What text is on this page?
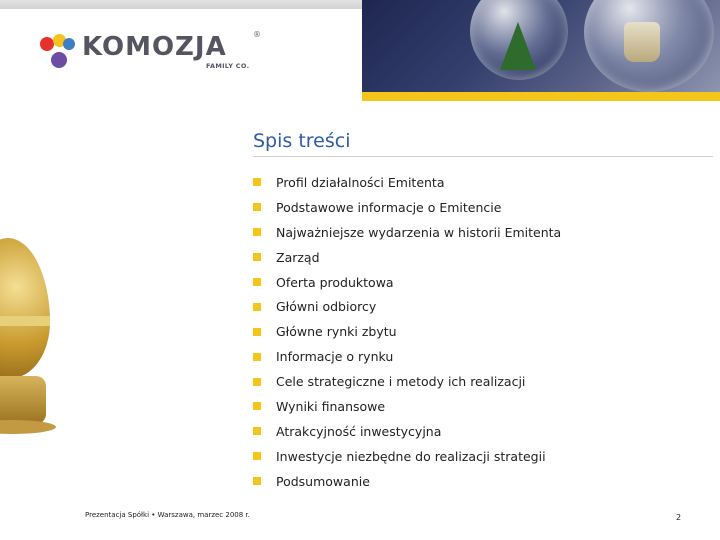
KOMOZJA	®
FAMILY CO.
Spis treści
Profil działalności Emitenta
Podstawowe informacje o Emitencie
Najważniejsze wydarzenia w historii Emitenta
Zarząd
Oferta produktowa
Główni odbiorcy
Główne rynki zbytu
Informacje o rynku
Cele strategiczne i metody ich realizacji
Wyniki finansowe
Atrakcyjność inwestycyjna
Inwestycje niezbędne do realizacji strategii
Podsumowanie
Prezentacja Spółki • Warszawa, marzec 2008 r.	2
